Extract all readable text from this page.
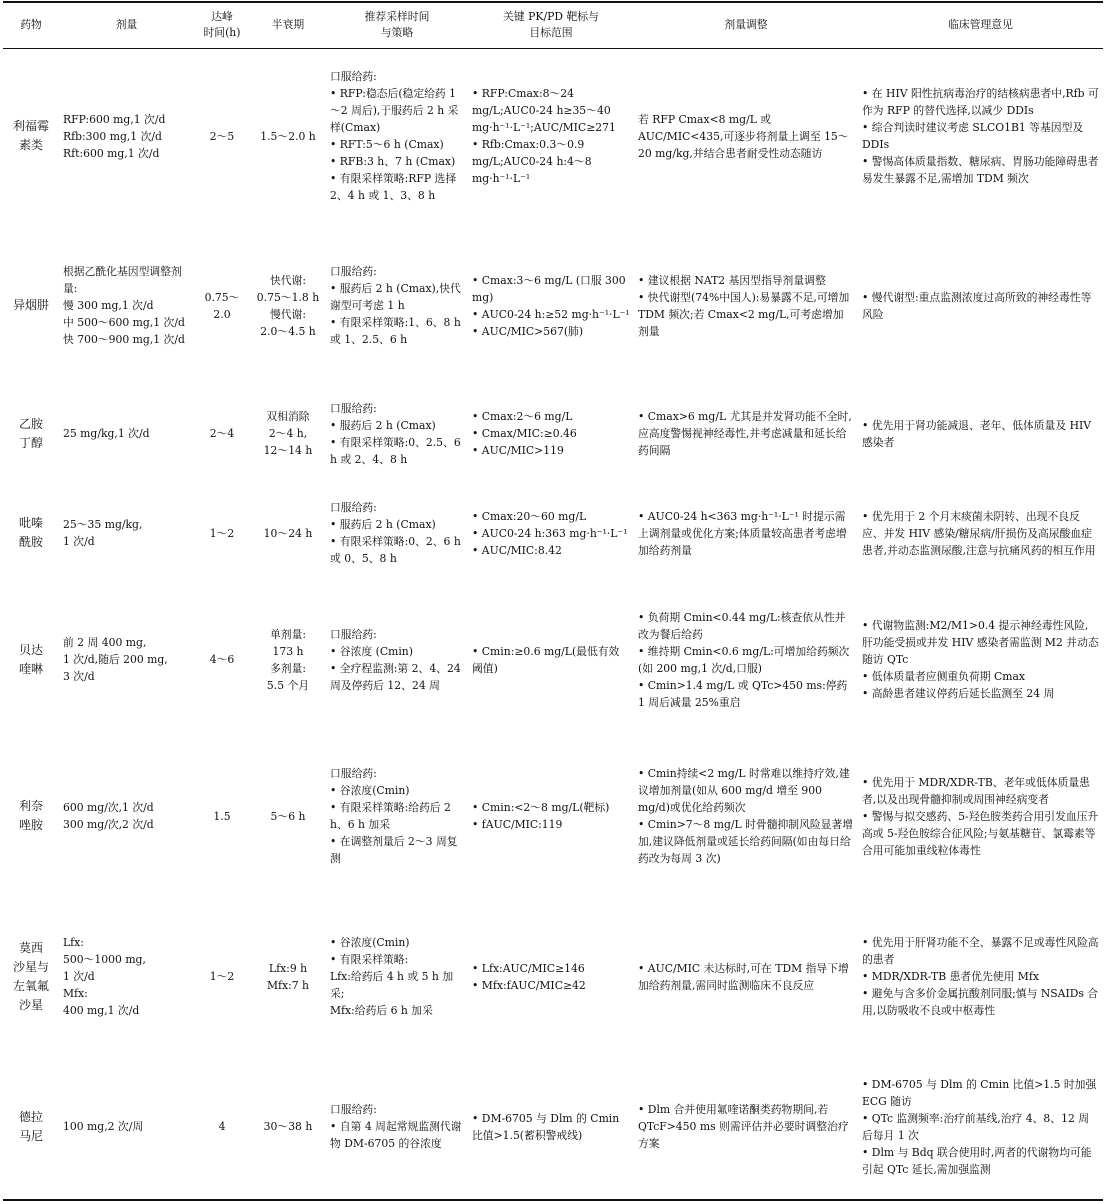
药物	剂量	达峰
时间(h)	半衰期	推荐采样时间
与策略	关键 PK/PD 靶标与
目标范围	剂量调整	临床管理意见

利福霉
素类	RFP:600 mg,1 次/d
Rfb:300 mg,1 次/d
Rft:600 mg,1 次/d	2～5	1.5～2.0 h	口服给药:
• RFP:稳态后(稳定给药 1～2 周后),于服药后 2 h 采样(Cmax)
• RFT:5～6 h (Cmax)
• RFB:3 h、7 h (Cmax)
• 有限采样策略:RFP 选择 2、4 h 或 1、3、8 h	• RFP:Cmax:8～24 mg/L;AUC0-24 h≥35～40 mg·h⁻¹·L⁻¹;AUC/MIC≥271
• Rfb:Cmax:0.3～0.9 mg/L;AUC0-24 h:4～8 mg·h⁻¹·L⁻¹	若 RFP Cmax<8 mg/L 或 AUC/MIC<435,可逐步将剂量上调至 15～20 mg/kg,并结合患者耐受性动态随访	• 在 HIV 阳性抗病毒治疗的结核病患者中,Rfb 可作为 RFP 的替代选择,以减少 DDIs
• 综合判读时建议考虑 SLCO1B1 等基因型及 DDIs
• 警惕高体质量指数、糖尿病、胃肠功能障碍患者易发生暴露不足,需增加 TDM 频次

异烟肼	根据乙酰化基因型调整剂量:
慢 300 mg,1 次/d
中 500～600 mg,1 次/d
快 700～900 mg,1 次/d	0.75～
2.0	快代谢:
0.75～1.8 h
慢代谢:
2.0～4.5 h	口服给药:
• 服药后 2 h (Cmax),快代谢型可考虑 1 h
• 有限采样策略:1、6、8 h 或 1、2.5、6 h	• Cmax:3～6 mg/L (口服 300 mg)
• AUC0-24 h:≥52 mg·h⁻¹·L⁻¹
• AUC/MIC>567(肺)	• 建议根据 NAT2 基因型指导剂量调整
• 快代谢型(74%中国人):易暴露不足,可增加 TDM 频次;若 Cmax<2 mg/L,可考虑增加剂量	• 慢代谢型:重点监测浓度过高所致的神经毒性等风险

乙胺
丁醇	25 mg/kg,1 次/d	2～4	双相消除
2～4 h,
12～14 h	口服给药:
• 服药后 2 h (Cmax)
• 有限采样策略:0、2.5、6 h 或 2、4、8 h	• Cmax:2～6 mg/L
• Cmax/MIC:≥0.46
• AUC/MIC>119	• Cmax>6 mg/L 尤其是并发肾功能不全时,应高度警惕视神经毒性,并考虑减量和延长给药间隔	• 优先用于肾功能减退、老年、低体质量及 HIV 感染者

吡嗪
酰胺	25～35 mg/kg,
1 次/d	1～2	10～24 h	口服给药:
• 服药后 2 h (Cmax)
• 有限采样策略:0、2、6 h 或 0、5、8 h	• Cmax:20～60 mg/L
• AUC0-24 h:363 mg·h⁻¹·L⁻¹
• AUC/MIC:8.42	• AUC0-24 h<363 mg·h⁻¹·L⁻¹ 时提示需上调剂量或优化方案;体质量较高患者考虑增加给药剂量	• 优先用于 2 个月末痰菌未阴转、出现不良反应、并发 HIV 感染/糖尿病/肝损伤及高尿酸血症患者,并动态监测尿酸,注意与抗痛风药的相互作用

贝达
喹啉	前 2 周 400 mg,
1 次/d,随后 200 mg,
3 次/d	4～6	单剂量:
173 h
多剂量:
5.5 个月	口服给药:
• 谷浓度 (Cmin)
• 全疗程监测:第 2、4、24 周及停药后 12、24 周	• Cmin:≥0.6 mg/L(最低有效阈值)	• 负荷期 Cmin<0.44 mg/L:核查依从性并改为餐后给药
• 维持期 Cmin<0.6 mg/L:可增加给药频次(如 200 mg,1 次/d,口服)
• Cmin>1.4 mg/L 或 QTc>450 ms:停药 1 周后减量 25%重启	• 代谢物监测:M2/M1>0.4 提示神经毒性风险,肝功能受损或并发 HIV 感染者需监测 M2 并动态随访 QTc
• 低体质量者应侧重负荷期 Cmax
• 高龄患者建议停药后延长监测至 24 周

利奈
唑胺	600 mg/次,1 次/d
300 mg/次,2 次/d	1.5	5～6 h	口服给药:
• 谷浓度(Cmin)
• 有限采样策略:给药后 2 h、6 h 加采
• 在调整剂量后 2～3 周复测	• Cmin:<2～8 mg/L(靶标)
• fAUC/MIC:119	• Cmin持续<2 mg/L 时常难以维持疗效,建议增加剂量(如从 600 mg/d 增至 900 mg/d)或优化给药频次
• Cmin>7～8 mg/L 时骨髓抑制风险显著增加,建议降低剂量或延长给药间隔(如由每日给药改为每周 3 次)	• 优先用于 MDR/XDR-TB、老年或低体质量患者,以及出现骨髓抑制或周围神经病变者
• 警惕与拟交感药、5-羟色胺类药合用引发血压升高或 5-羟色胺综合征风险;与氨基糖苷、氯霉素等合用可能加重线粒体毒性

莫西
沙星与
左氧氟
沙星	Lfx:
500～1000 mg,
1 次/d
Mfx:
400 mg,1 次/d	1～2	Lfx:9 h
Mfx:7 h	• 谷浓度(Cmin)
• 有限采样策略:
Lfx:给药后 4 h 或 5 h 加采;
Mfx:给药后 6 h 加采	• Lfx:AUC/MIC≥146
• Mfx:fAUC/MIC≥42	• AUC/MIC 未达标时,可在 TDM 指导下增加给药剂量,需同时监测临床不良反应	• 优先用于肝肾功能不全、暴露不足或毒性风险高的患者
• MDR/XDR-TB 患者优先使用 Mfx
• 避免与含多价金属抗酸剂同服;慎与 NSAIDs 合用,以防吸收不良或中枢毒性

德拉
马尼	100 mg,2 次/周	4	30～38 h	口服给药:
• 自第 4 周起常规监测代谢物 DM-6705 的谷浓度	• DM-6705 与 Dlm 的 Cmin 比值>1.5(蓄积警戒线)	• Dlm 合并使用氟喹诺酮类药物期间,若 QTcF>450 ms 则需评估并必要时调整治疗方案	• DM-6705 与 Dlm 的 Cmin 比值>1.5 时加强 ECG 随访
• QTc 监测频率:治疗前基线,治疗 4、8、12 周后每月 1 次
• Dlm 与 Bdq 联合使用时,两者的代谢物均可能引起 QTc 延长,需加强监测
